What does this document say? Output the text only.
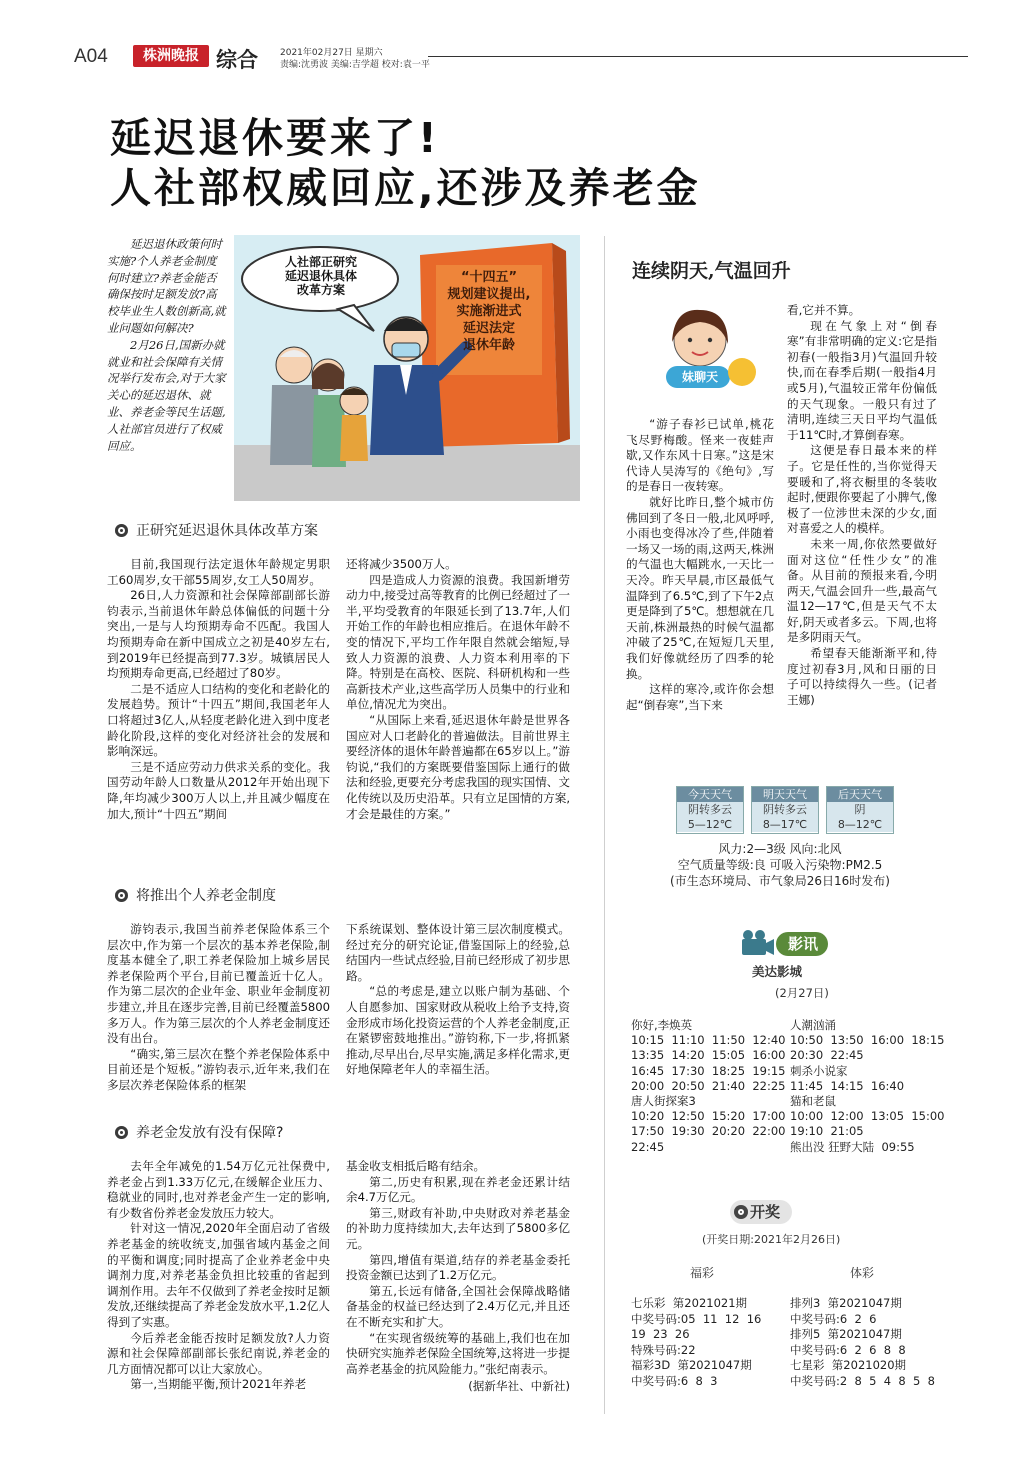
A04	株洲晚报 综合 2021年02月27日 星期六
责编:沈勇波 美编:吉学超 校对:袁一平
延迟退休要来了!
人社部权威回应,还涉及养老金

延迟退休政策何时实施?个人养老金制度何时建立?养老金能否确保按时足额发放?高校毕业生人数创新高,就业问题如何解决?

2月26日,国新办就就业和社会保障有关情况举行发布会,对于大家关心的延迟退休、就业、养老金等民生话题,人社部官员进行了权威回应。

人社部正研究
延迟退休具体
改革方案
“十四五”
规划建议提出,
实施渐进式
延迟法定
退休年龄
正研究延迟退休具体改革方案

目前,我国现行法定退休年龄规定男职工60周岁,女干部55周岁,女工人50周岁。

26日,人力资源和社会保障部副部长游钧表示,当前退休年龄总体偏低的问题十分突出,一是与人均预期寿命不匹配。我国人均预期寿命在新中国成立之初是40岁左右,到2019年已经提高到77.3岁。城镇居民人均预期寿命更高,已经超过了80岁。

二是不适应人口结构的变化和老龄化的发展趋势。预计“十四五”期间,我国老年人口将超过3亿人,从轻度老龄化进入到中度老龄化阶段,这样的变化对经济社会的发展和影响深远。

三是不适应劳动力供求关系的变化。我国劳动年龄人口数量从2012年开始出现下降,年均减少300万人以上,并且减少幅度在加大,预计“十四五”期间

还将减少3500万人。

四是造成人力资源的浪费。我国新增劳动力中,接受过高等教育的比例已经超过了一半,平均受教育的年限延长到了13.7年,人们开始工作的年龄也相应推后。在退休年龄不变的情况下,平均工作年限自然就会缩短,导致人力资源的浪费、人力资本利用率的下降。特别是在高校、医院、科研机构和一些高新技术产业,这些高学历人员集中的行业和单位,情况尤为突出。

“从国际上来看,延迟退休年龄是世界各国应对人口老龄化的普遍做法。目前世界主要经济体的退休年龄普遍都在65岁以上。”游钧说,“我们的方案既要借鉴国际上通行的做法和经验,更要充分考虑我国的现实国情、文化传统以及历史沿革。只有立足国情的方案,才会是最佳的方案。”

将推出个人养老金制度

游钧表示,我国当前养老保险体系三个层次中,作为第一个层次的基本养老保险,制度基本健全了,职工养老保险加上城乡居民养老保险两个平台,目前已覆盖近十亿人。作为第二层次的企业年金、职业年金制度初步建立,并且在逐步完善,目前已经覆盖5800多万人。作为第三层次的个人养老金制度还没有出台。

“确实,第三层次在整个养老保险体系中目前还是个短板。”游钧表示,近年来,我们在多层次养老保险体系的框架

下系统谋划、整体设计第三层次制度模式。经过充分的研究论证,借鉴国际上的经验,总结国内一些试点经验,目前已经形成了初步思路。

“总的考虑是,建立以账户制为基础、个人自愿参加、国家财政从税收上给予支持,资金形成市场化投资运营的个人养老金制度,正在紧锣密鼓地推出。”游钧称,下一步,将抓紧推动,尽早出台,尽早实施,满足多样化需求,更好地保障老年人的幸福生活。

养老金发放有没有保障?

去年全年减免的1.54万亿元社保费中,养老金占到1.33万亿元,在缓解企业压力、稳就业的同时,也对养老金产生一定的影响,有少数省份养老金发放压力较大。

针对这一情况,2020年全面启动了省级养老基金的统收统支,加强省域内基金之间的平衡和调度;同时提高了企业养老金中央调剂力度,对养老基金负担比较重的省起到调剂作用。去年不仅做到了养老金按时足额发放,还继续提高了养老金发放水平,1.2亿人得到了实惠。

今后养老金能否按时足额发放?人力资源和社会保障部副部长张纪南说,养老金的几方面情况都可以让大家放心。

第一,当期能平衡,预计2021年养老

基金收支相抵后略有结余。

第二,历史有积累,现在养老金还累计结余4.7万亿元。

第三,财政有补助,中央财政对养老基金的补助力度持续加大,去年达到了5800多亿元。

第四,增值有渠道,结存的养老基金委托投资金额已达到了1.2万亿元。

第五,长远有储备,全国社会保障战略储备基金的权益已经达到了2.4万亿元,并且还在不断充实和扩大。

“在实现省级统筹的基础上,我们也在加快研究实施养老保险全国统筹,这将进一步提高养老基金的抗风险能力。”张纪南表示。

(据新华社、中新社)
连续阴天,气温回升
妹聊天

“游子春衫已试单,桃花飞尽野梅酸。怪来一夜蛙声歇,又作东风十日寒。”这是宋代诗人吴涛写的《绝句》,写的是春日一夜转寒。

就好比昨日,整个城市仿佛回到了冬日一般,北风呼呼,小雨也变得冰冷了些,伴随着一场又一场的雨,这两天,株洲的气温也大幅跳水,一天比一天冷。昨天早晨,市区最低气温降到了6.5℃,到了下午2点更是降到了5℃。想想就在几天前,株洲最热的时候气温都冲破了25℃,在短短几天里,我们好像就经历了四季的轮换。

这样的寒冷,或许你会想起“倒春寒”,当下来

看,它并不算。

现在气象上对“倒春寒”有非常明确的定义:它是指初春(一般指3月)气温回升较快,而在春季后期(一般指4月或5月),气温较正常年份偏低的天气现象。一般只有过了清明,连续三天日平均气温低于11℃时,才算倒春寒。

这便是春日最本来的样子。它是任性的,当你觉得天要暖和了,将衣橱里的冬装收起时,便跟你要起了小脾气,像极了一位涉世未深的少女,面对喜爱之人的模样。

未来一周,你依然要做好面对这位“任性少女”的准备。从目前的预报来看,今明两天,气温会回升一些,最高气温12—17℃,但是天气不太好,阴天或者多云。下周,也将是多阴雨天气。

希望春天能渐渐平和,待度过初春3月,风和日丽的日子可以持续得久一些。(记者 王娜)

今天天气
阴转多云
5—12℃
明天天气
阴转多云
8—17℃
后天天气
阴
8—12℃
风力:2—3级 风向:北风
空气质量等级:良 可吸入污染物:PM2.5
(市生态环境局、市气象局26日16时发布)
影讯
美达影城
(2月27日)
你好,李焕英
10:15  11:10  11:50  12:40
13:35  14:20  15:05  16:00
16:45  17:30  18:25  19:15
20:00  20:50  21:40  22:25
唐人街探案3
10:20  12:50  15:20  17:00
17:50  19:30  20:20  22:00
22:45
人潮汹涌
10:50  13:50  16:00  18:15
20:30  22:45
刺杀小说家
11:45  14:15  16:40
猫和老鼠
10:00  12:00  13:05  15:00
19:10  21:05
熊出没 狂野大陆  09:55
开奖
(开奖日期:2021年2月26日)
福彩	体彩
七乐彩  第2021021期
中奖号码:05  11  12  16
19  23  26
特殊号码:22
福彩3D  第2021047期
中奖号码:6  8  3
排列3  第2021047期
中奖号码:6  2  6
排列5  第2021047期
中奖号码:6  2  6  8  8
七星彩  第2021020期
中奖号码:2  8  5  4  8  5  8
